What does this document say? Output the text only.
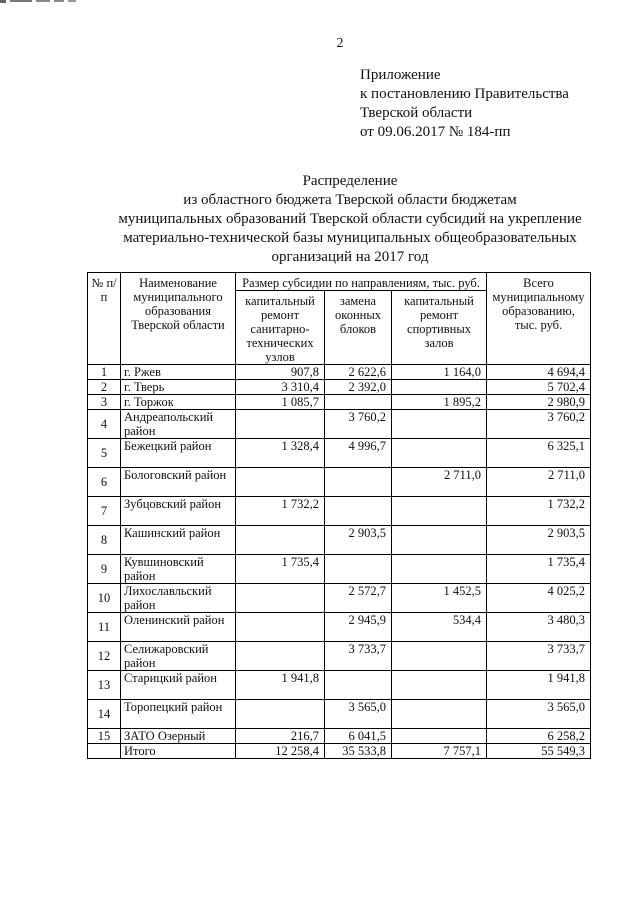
2
Приложение
к постановлению Правительства
Тверской области
от 09.06.2017 № 184-пп
Распределение
из областного бюджета Тверской области бюджетам
муниципальных образований Тверской области субсидий на укрепление
материально-технической базы муниципальных общеобразовательных
организаций на 2017 год
№ п/п	Наименование муниципального образования Тверской области	Размер субсидии по направлениям, тыс. руб.			Всего муниципальному образованию, тыс. руб.
		капитальный ремонт санитарно-технических узлов	замена оконных блоков	капитальный ремонт спортивных залов	
1	г. Ржев	907,8	2 622,6	1 164,0	4 694,4
2	г. Тверь	3 310,4	2 392,0		5 702,4
3	г. Торжок	1 085,7		1 895,2	2 980,9
4	Андреапольский район		3 760,2		3 760,2
5	Бежецкий район	1 328,4	4 996,7		6 325,1
6	Бологовский район			2 711,0	2 711,0
7	Зубцовский район	1 732,2			1 732,2
8	Кашинский район		2 903,5		2 903,5
9	Кувшиновский район	1 735,4			1 735,4
10	Лихославльский район		2 572,7	1 452,5	4 025,2
11	Оленинский район		2 945,9	534,4	3 480,3
12	Селижаровский район		3 733,7		3 733,7
13	Старицкий район	1 941,8			1 941,8
14	Торопецкий район		3 565,0		3 565,0
15	ЗАТО Озерный	216,7	6 041,5		6 258,2
	Итого	12 258,4	35 533,8	7 757,1	55 549,3
